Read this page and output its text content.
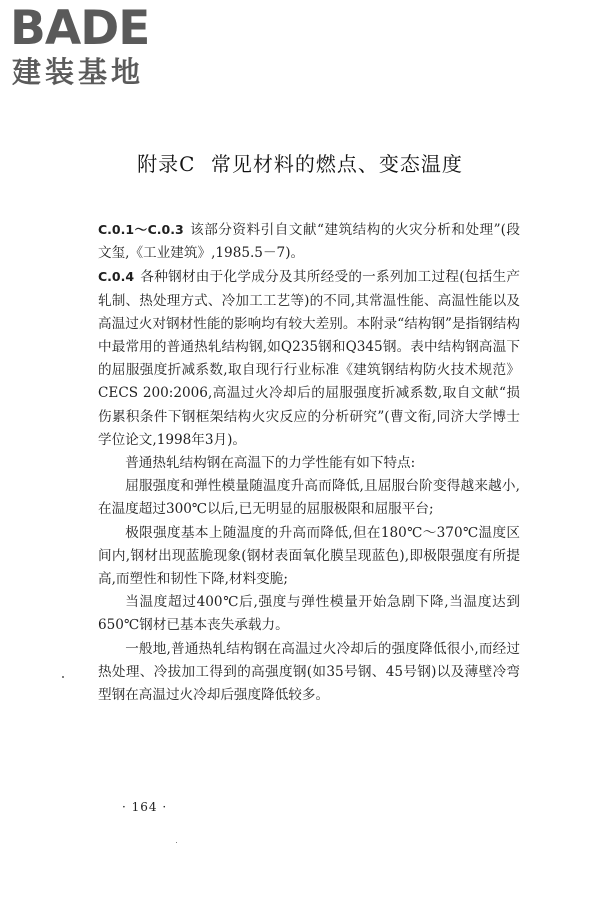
BADE
建装基地
附录C 常见材料的燃点、变态温度

C.0.1～C.0.3 该部分资料引自文献“建筑结构的火灾分析和处理”(段文玺,《工业建筑》,1985.5－7)。

C.0.4 各种钢材由于化学成分及其所经受的一系列加工过程(包括生产轧制、热处理方式、冷加工工艺等)的不同,其常温性能、高温性能以及高温过火对钢材性能的影响均有较大差别。本附录“结构钢”是指钢结构中最常用的普通热轧结构钢,如Q235钢和Q345钢。表中结构钢高温下的屈服强度折减系数,取自现行行业标准《建筑钢结构防火技术规范》CECS 200:2006,高温过火冷却后的屈服强度折减系数,取自文献“损伤累积条件下钢框架结构火灾反应的分析研究”(曹文衔,同济大学博士学位论文,1998年3月)。

普通热轧结构钢在高温下的力学性能有如下特点:

屈服强度和弹性模量随温度升高而降低,且屈服台阶变得越来越小,在温度超过300℃以后,已无明显的屈服极限和屈服平台;

极限强度基本上随温度的升高而降低,但在180℃～370℃温度区间内,钢材出现蓝脆现象(钢材表面氧化膜呈现蓝色),即极限强度有所提高,而塑性和韧性下降,材料变脆;

当温度超过400℃后,强度与弹性模量开始急剧下降,当温度达到650℃钢材已基本丧失承载力。

一般地,普通热轧结构钢在高温过火冷却后的强度降低很小,而经过热处理、冷拔加工得到的高强度钢(如35号钢、45号钢)以及薄壁冷弯型钢在高温过火冷却后强度降低较多。

· 164 ·
